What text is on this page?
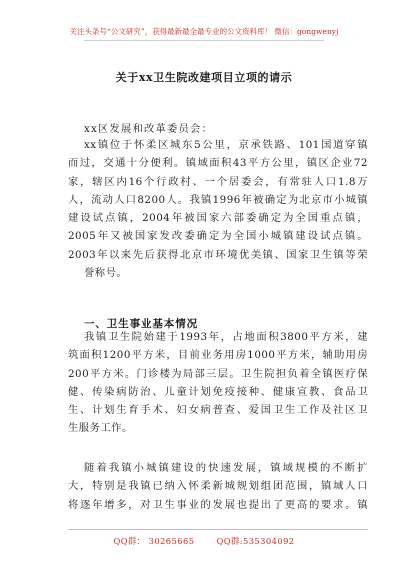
关注头条号“公文研究”，获得最新最全最专业的公文资料库！ 微信：gongwenyj
关于xx卫生院改建项目立项的请示
xx区发展和改革委员会：
xx镇位于怀柔区城东5公里，京承铁路、101国道穿镇
而过，交通十分便利。镇域面积43平方公里，镇区企业72
家，辖区内16个行政村、一个居委会，有常驻人口1.8万
人，流动人口8200人。我镇1996年被确定为北京市小城镇
建设试点镇，2004年被国家六部委确定为全国重点镇，
2005年又被国家发改委确定为全国小城镇建设试点镇。
2003年以来先后获得北京市环境优美镇、国家卫生镇等荣
誉称号。
一、卫生事业基本情况
我镇卫生院始建于1993年，占地面积3800平方米，建
筑面积1200平方米，目前业务用房1000平方米，辅助用房
200平方米。门诊楼为局部三层。卫生院担负着全镇医疗保
健、传染病防治、儿童计划免疫接种、健康宣教、食品卫
生、计划生育手术、妇女病普查、爱国卫生工作及社区卫
生服务工作。
随着我镇小城镇建设的快速发展，镇域规模的不断扩
大，特别是我镇已纳入怀柔新城规划组团范围，镇域人口
将逐年增多，对卫生事业的发展也提出了更高的要求。镇
QQ群： 30265665	QQ群:535304092
